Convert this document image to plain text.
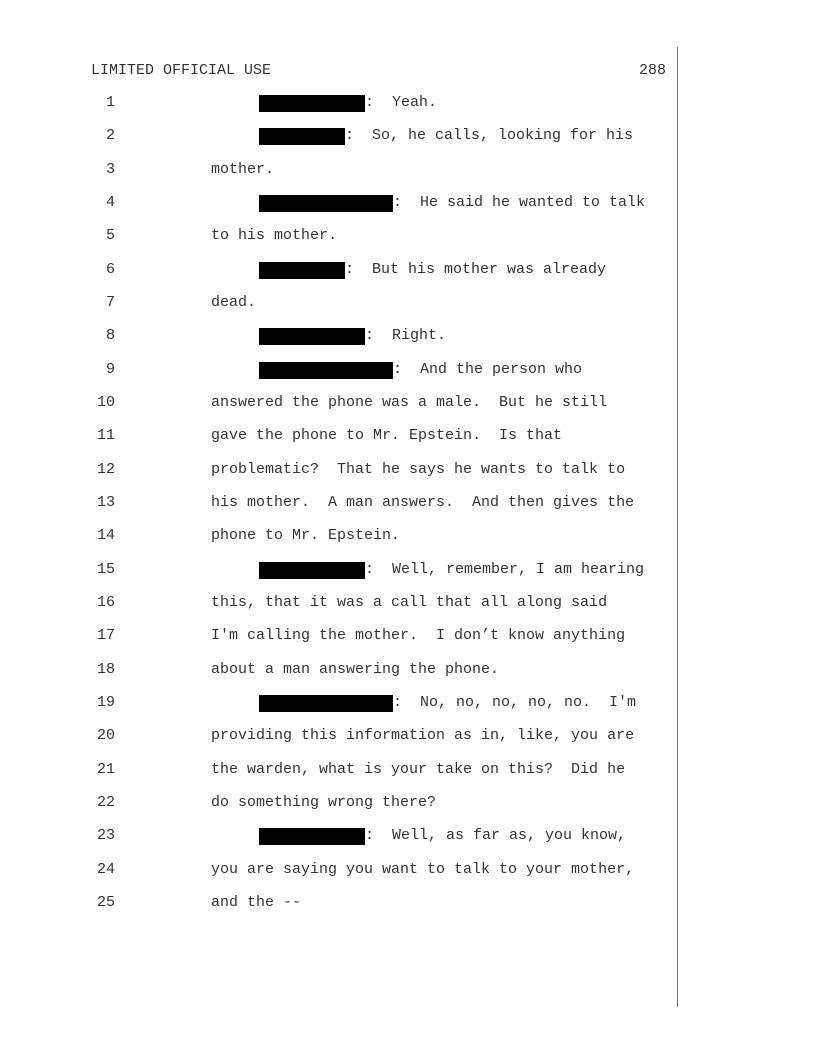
LIMITED OFFICIAL USE	288
1	:  Yeah.
2	:  So, he calls, looking for his
3	mother.
4	:  He said he wanted to talk
5	to his mother.
6	:  But his mother was already
7	dead.
8	:  Right.
9	:  And the person who
10	answered the phone was a male.  But he still
11	gave the phone to Mr. Epstein.  Is that
12	problematic?  That he says he wants to talk to
13	his mother.  A man answers.  And then gives the
14	phone to Mr. Epstein.
15	:  Well, remember, I am hearing
16	this, that it was a call that all along said
17	I'm calling the mother.  I don’t know anything
18	about a man answering the phone.
19	:  No, no, no, no, no.  I'm
20	providing this information as in, like, you are
21	the warden, what is your take on this?  Did he
22	do something wrong there?
23	:  Well, as far as, you know,
24	you are saying you want to talk to your mother,
25	and the --
